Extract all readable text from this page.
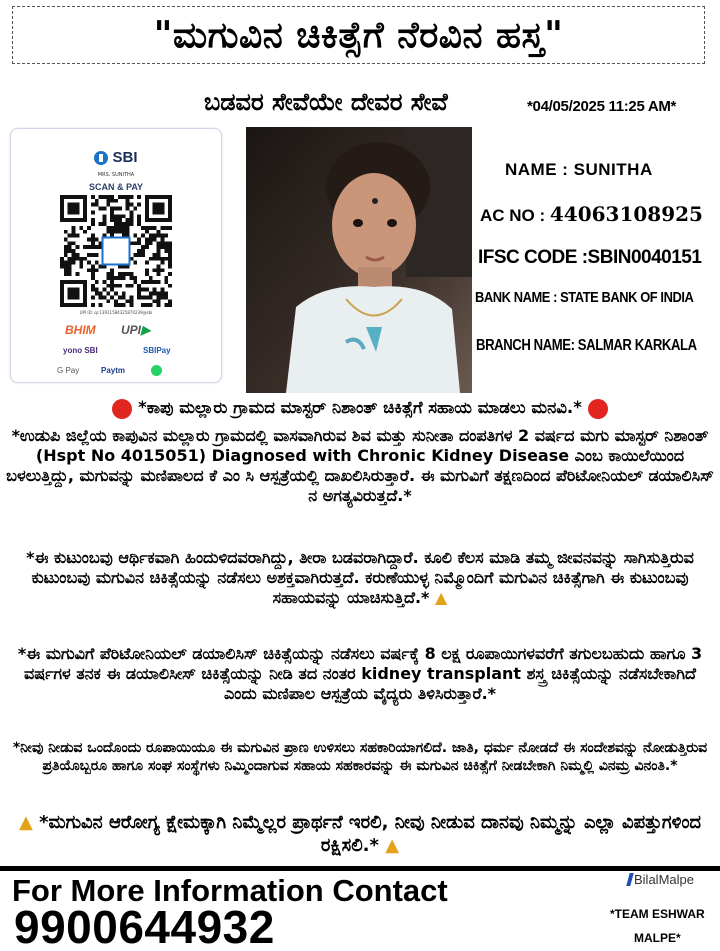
"ಮಗುವಿನ ಚಿಕಿತ್ಸೆಗೆ ನೆರವಿನ ಹಸ್ತ"
ಬಡವರ ಸೇವೆಯೇ ದೇವರ ಸೇವೆ	*04/05/2025 11:25 AM*
SBI
MRS. SUNITHA
SCAN & PAY
UPI ID: qr.13911584325870239@sbi
BHIM UPI▶
yono SBI	SBIPay
G Pay	Paytm
NAME : SUNITHA
AC NO : 44063108925
IFSC CODE :SBIN0040151
BANK NAME : STATE BANK OF INDIA
BRANCH NAME: SALMAR KARKALA
*ಕಾಪು ಮಲ್ಲಾರು ಗ್ರಾಮದ ಮಾಸ್ಟರ್ ನಿಶಾಂತ್ ಚಿಕಿತ್ಸೆಗೆ ಸಹಾಯ ಮಾಡಲು ಮನವಿ.*
*ಉಡುಪಿ ಜಿಲ್ಲೆಯ ಕಾಪುವಿನ ಮಲ್ಲಾರು ಗ್ರಾಮದಲ್ಲಿ ವಾಸವಾಗಿರುವ ಶಿವ ಮತ್ತು ಸುನೀತಾ ದಂಪತಿಗಳ 2 ವರ್ಷದ ಮಗು ಮಾಸ್ಟರ್ ನಿಶಾಂತ್ (Hspt No 4015051) Diagnosed with Chronic Kidney Disease ಎಂಬ ಕಾಯಿಲೆಯಿಂದ ಬಳಲುತ್ತಿದ್ದು, ಮಗುವನ್ನು ಮಣಿಪಾಲದ ಕೆ ಎಂ ಸಿ ಆಸ್ಪತ್ರೆಯಲ್ಲಿ ದಾಖಲಿಸಿರುತ್ತಾರೆ. ಈ ಮಗುವಿಗೆ ತಕ್ಷಣದಿಂದ ಪೆರಿಟೋನಿಯಲ್ ಡಯಾಲಿಸಿಸ್ ನ ಅಗತ್ಯವಿರುತ್ತದೆ.*
*ಈ ಕುಟುಂಬವು ಆರ್ಥಿಕವಾಗಿ ಹಿಂದುಳಿದವರಾಗಿದ್ದು, ತೀರಾ ಬಡವರಾಗಿದ್ದಾರೆ. ಕೂಲಿ ಕೆಲಸ ಮಾಡಿ ತಮ್ಮ ಜೀವನವನ್ನು ಸಾಗಿಸುತ್ತಿರುವ ಕುಟುಂಬವು ಮಗುವಿನ ಚಿಕಿತ್ಸೆಯನ್ನು ನಡೆಸಲು ಅಶಕ್ತವಾಗಿರುತ್ತದೆ. ಕರುಣೆಯುಳ್ಳ ನಿಮ್ಮೊಂದಿಗೆ ಮಗುವಿನ ಚಿಕಿತ್ಸೆಗಾಗಿ ಈ ಕುಟುಂಬವು ಸಹಾಯವನ್ನು ಯಾಚಿಸುತ್ತಿದೆ.* ▲
*ಈ ಮಗುವಿಗೆ ಪೆರಿಟೋನಿಯಲ್ ಡಯಾಲಿಸಿಸ್ ಚಿಕಿತ್ಸೆಯನ್ನು ನಡೆಸಲು ವರ್ಷಕ್ಕೆ 8 ಲಕ್ಷ ರೂಪಾಯಿಗಳವರೆಗೆ ತಗುಲಬಹುದು ಹಾಗೂ 3 ವರ್ಷಗಳ ತನಕ ಈ ಡಯಾಲಿಸೀಸ್ ಚಿಕಿತ್ಸೆಯನ್ನು ನೀಡಿ ತದ ನಂತರ kidney transplant ಶಸ್ತ್ರ ಚಿಕಿತ್ಸೆಯನ್ನು ನಡೆಸಬೇಕಾಗಿದೆ ಎಂದು ಮಣಿಪಾಲ ಆಸ್ಪತ್ರೆಯ ವೈದ್ಯರು ತಿಳಿಸಿರುತ್ತಾರೆ.*
*ನೀವು ನೀಡುವ ಒಂದೊಂದು ರೂಪಾಯಿಯೂ ಈ ಮಗುವಿನ ಪ್ರಾಣ ಉಳಿಸಲು ಸಹಕಾರಿಯಾಗಲಿದೆ. ಜಾತಿ, ಧರ್ಮ ನೋಡದೆ ಈ ಸಂದೇಶವನ್ನು ನೋಡುತ್ತಿರುವ ಪ್ರತಿಯೊಬ್ಬರೂ ಹಾಗೂ ಸಂಘ ಸಂಸ್ಥೆಗಳು ನಿಮ್ಮಿಂದಾಗುವ ಸಹಾಯ ಸಹಕಾರವನ್ನು ಈ ಮಗುವಿನ ಚಿಕಿತ್ಸೆಗೆ ನೀಡಬೇಕಾಗಿ ನಿಮ್ಮಲ್ಲಿ ವಿನಮ್ರ ವಿನಂತಿ.*
▲ *ಮಗುವಿನ ಆರೋಗ್ಯ ಕ್ಷೇಮಕ್ಕಾಗಿ ನಿಮ್ಮೆಲ್ಲರ ಪ್ರಾರ್ಥನೆ ಇರಲಿ, ನೀವು ನೀಡುವ ದಾನವು ನಿಮ್ಮನ್ನು ಎಲ್ಲಾ ವಿಪತ್ತುಗಳಿಂದ ರಕ್ಷಿಸಲಿ.* ▲
For More Information Contact
9900644932
BilalMalpe
*TEAM ESHWAR
MALPE*
